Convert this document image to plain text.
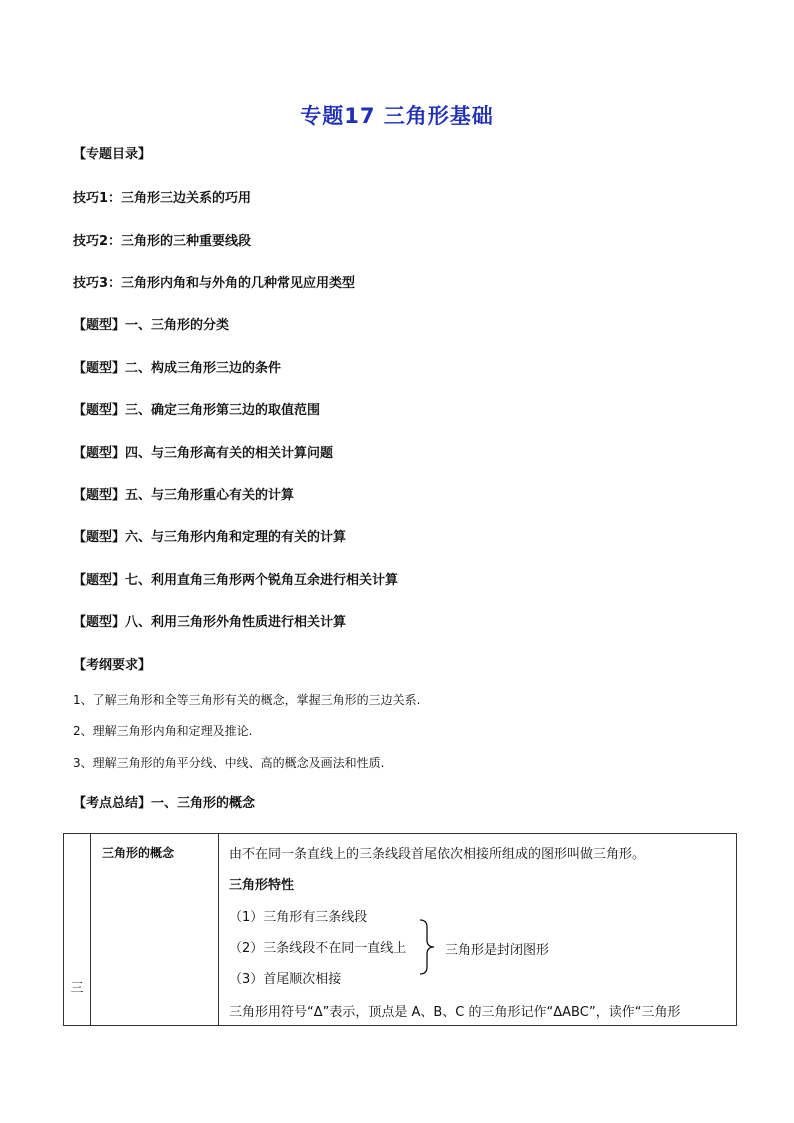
专题17 三角形基础
【专题目录】
技巧1：三角形三边关系的巧用
技巧2：三角形的三种重要线段
技巧3：三角形内角和与外角的几种常见应用类型
【题型】一、三角形的分类
【题型】二、构成三角形三边的条件
【题型】三、确定三角形第三边的取值范围
【题型】四、与三角形高有关的相关计算问题
【题型】五、与三角形重心有关的计算
【题型】六、与三角形内角和定理的有关的计算
【题型】七、利用直角三角形两个锐角互余进行相关计算
【题型】八、利用三角形外角性质进行相关计算
【考纲要求】
1、了解三角形和全等三角形有关的概念，掌握三角形的三边关系.
2、理解三角形内角和定理及推论.
3、理解三角形的角平分线、中线、高的概念及画法和性质.
【考点总结】一、三角形的概念
三

三角形的概念	由不在同一条直线上的三条线段首尾依次相接所组成的图形叫做三角形。
三角形特性
（1）三角形有三条线段
（2）三条线段不在同一直线上
（3）首尾顺次相接
三角形是封闭图形
三角形用符号“Δ”表示，顶点是 A、B、C 的三角形记作“ΔABC”，读作“三角形
